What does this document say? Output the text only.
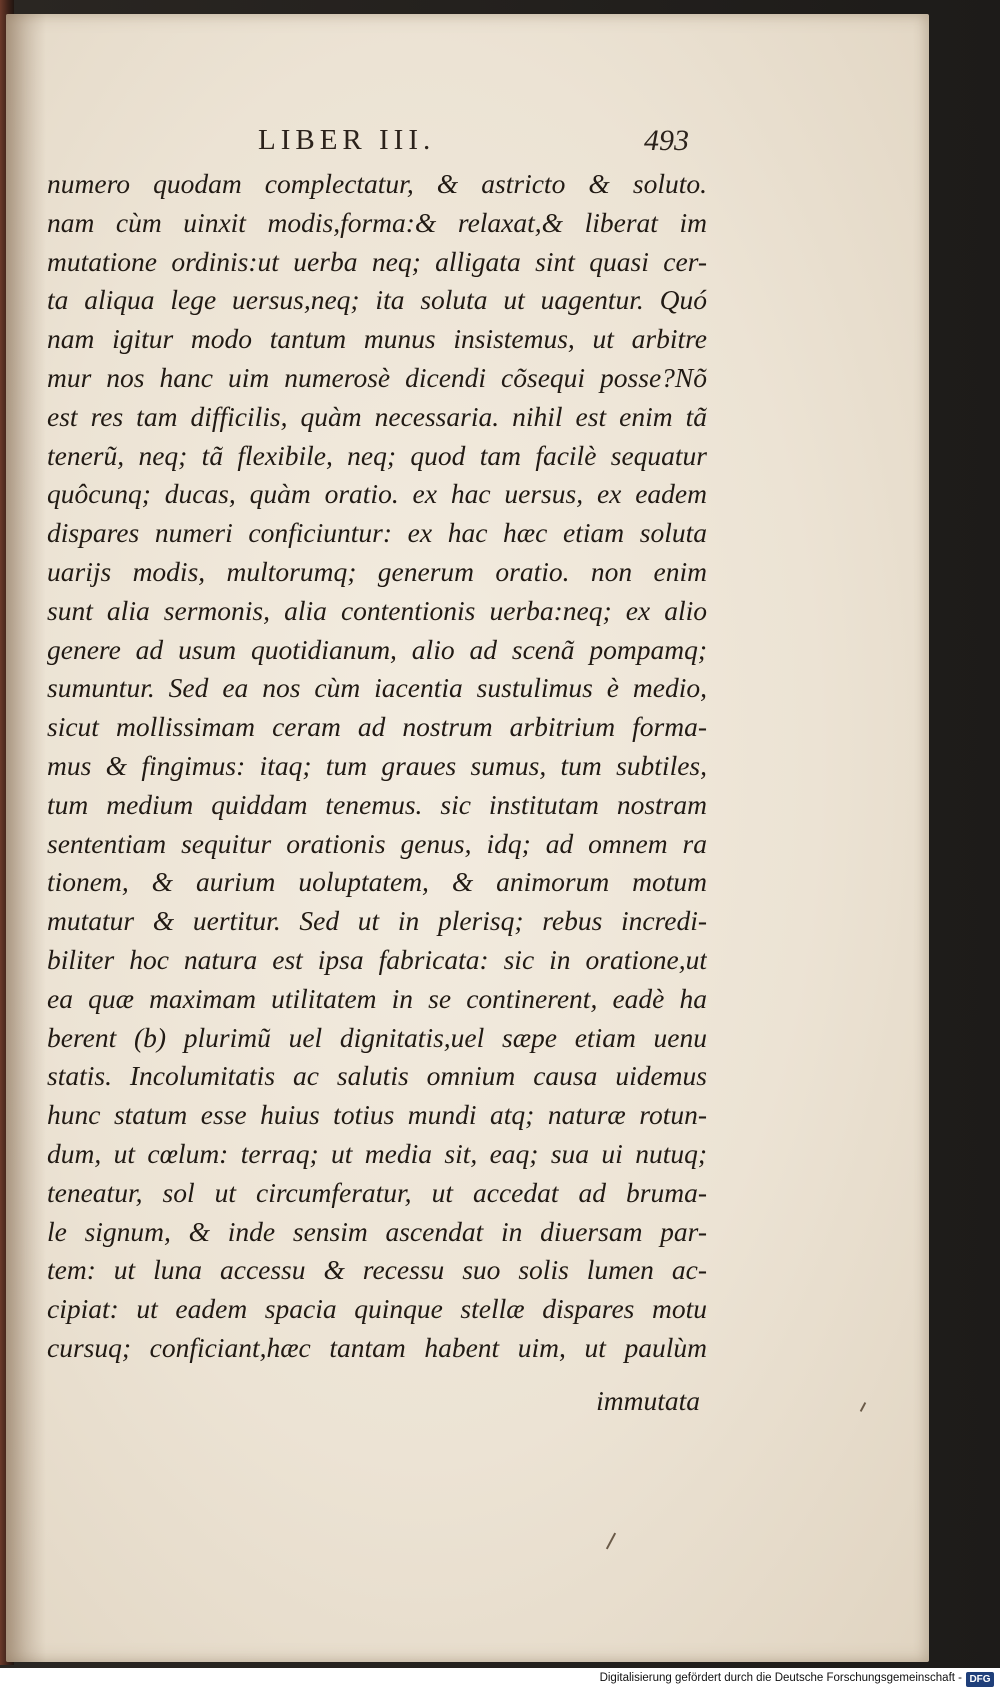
LIBER III.	493
numero quodam complectatur, & astricto & soluto.
nam cùm uinxit modis,forma:& relaxat,& liberat im
mutatione ordinis:ut uerba neq; alligata sint quasi cer-
ta aliqua lege uersus,neq; ita soluta ut uagentur. Quó
nam igitur modo tantum munus insistemus, ut arbitre
mur nos hanc uim numerosè dicendi cõsequi posse?Nõ
est res tam difficilis, quàm necessaria. nihil est enim tã
tenerũ, neq; tã flexibile, neq; quod tam facilè sequatur
quôcunq; ducas, quàm oratio. ex hac uersus, ex eadem
dispares numeri conficiuntur: ex hac hæc etiam soluta
uarijs modis, multorumq; generum oratio. non enim
sunt alia sermonis, alia contentionis uerba:neq; ex alio
genere ad usum quotidianum, alio ad scenã pompamq;
sumuntur. Sed ea nos cùm iacentia sustulimus è medio,
sicut mollissimam ceram ad nostrum arbitrium forma-
mus & fingimus: itaq; tum graues sumus, tum subtiles,
tum medium quiddam tenemus. sic institutam nostram
sententiam sequitur orationis genus, idq; ad omnem ra
tionem, & aurium uoluptatem, & animorum motum
mutatur & uertitur. Sed ut in plerisq; rebus incredi-
biliter hoc natura est ipsa fabricata: sic in oratione,ut
ea quæ maximam utilitatem in se continerent, eadè ha
berent (b) plurimũ uel dignitatis,uel sæpe etiam uenu
statis. Incolumitatis ac salutis omnium causa uidemus
hunc statum esse huius totius mundi atq; naturæ rotun-
dum, ut cœlum: terraq; ut media sit, eaq; sua ui nutuq;
teneatur, sol ut circumferatur, ut accedat ad bruma-
le signum, & inde sensim ascendat in diuersam par-
tem: ut luna accessu & recessu suo solis lumen ac-
cipiat: ut eadem spacia quinque stellæ dispares motu
cursuq; conficiant,hæc tantam habent uim, ut paulùm
immutata
Digitalisierung gefördert durch die Deutsche Forschungsgemeinschaft - DFG
